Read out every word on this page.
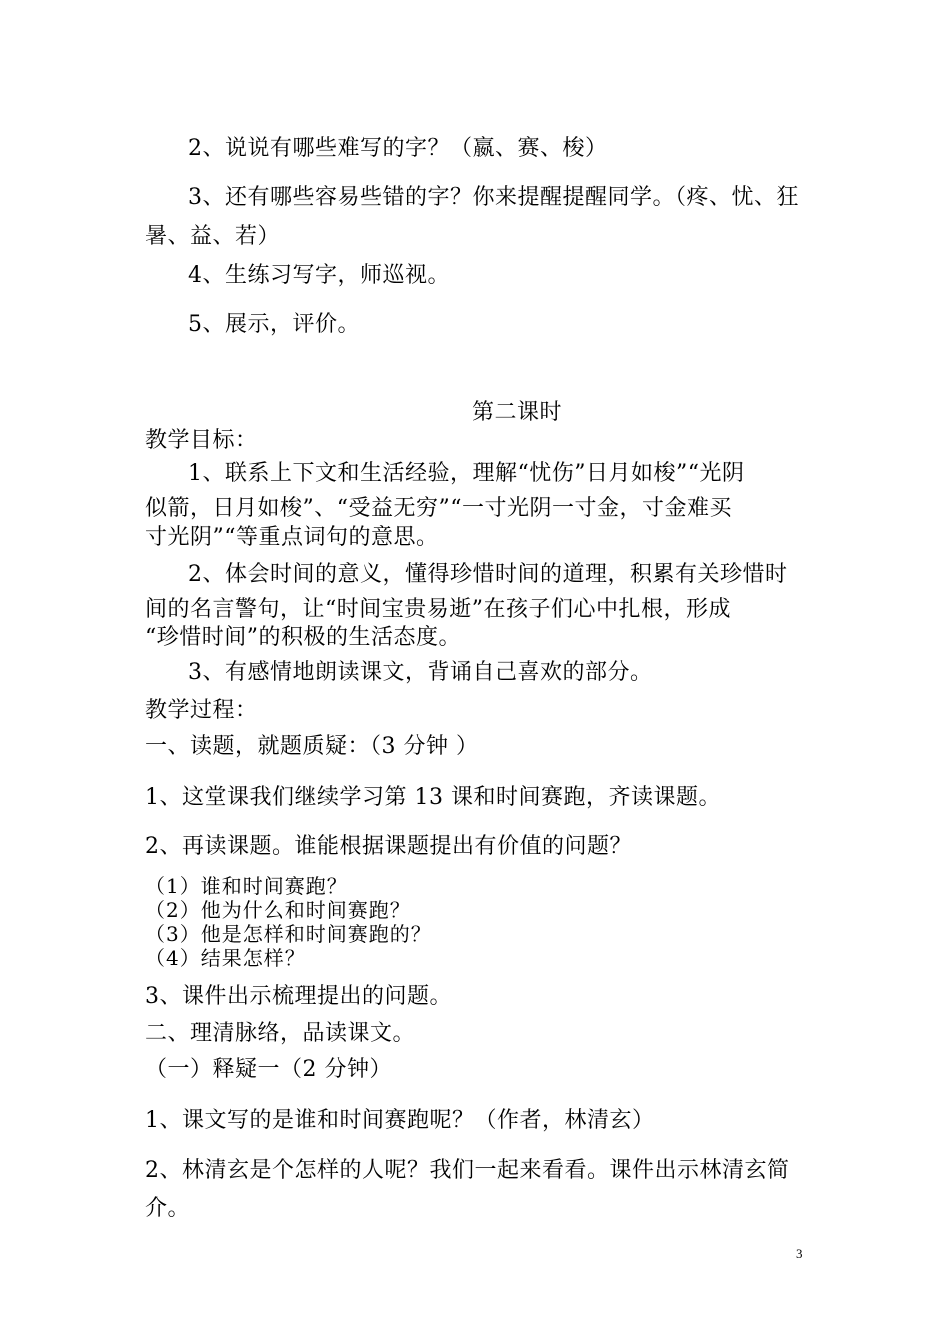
2、说说有哪些难写的字？（嬴、赛、梭）
3、还有哪些容易些错的字？你来提醒提醒同学。（疼、忧、狂
暑、益、若）
4、生练习写字，师巡视。
5、展示，评价。
第二课时
教学目标：
1、联系上下文和生活经验，理解“忧伤”日月如梭”“光阴
似箭，日月如梭”、“受益无穷”“一寸光阴一寸金，寸金难买
寸光阴”“等重点词句的意思。
2、体会时间的意义，懂得珍惜时间的道理，积累有关珍惜时
间的名言警句，让“时间宝贵易逝”在孩子们心中扎根，形成
“珍惜时间”的积极的生活态度。
3、有感情地朗读课文，背诵自己喜欢的部分。
教学过程：
一、读题，就题质疑：（3 分钟 ）
1、这堂课我们继续学习第 13 课和时间赛跑，齐读课题。
2、再读课题。谁能根据课题提出有价值的问题？
（1）谁和时间赛跑？
（2）他为什么和时间赛跑？
（3）他是怎样和时间赛跑的？
（4）结果怎样？
3、课件出示梳理提出的问题。
二、理清脉络，品读课文。
（一）释疑一（2 分钟）
1、课文写的是谁和时间赛跑呢？（作者，林清玄）
2、林清玄是个怎样的人呢？我们一起来看看。课件出示林清玄简
介。
3
